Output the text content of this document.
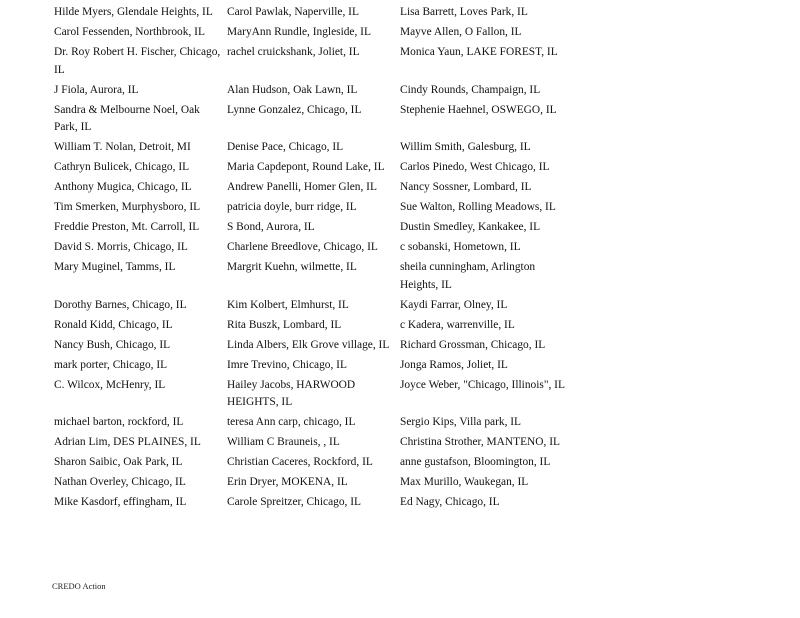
Hilde Myers, Glendale Heights, IL	Carol Pawlak, Naperville, IL	Lisa Barrett, Loves Park, IL
Carol Fessenden, Northbrook, IL	MaryAnn Rundle, Ingleside, IL	Mayve Allen, O Fallon, IL
Dr. Roy Robert H. Fischer, Chicago, IL	rachel cruickshank, Joliet, IL	Monica Yaun, LAKE FOREST, IL
J Fiola, Aurora, IL	Alan Hudson, Oak Lawn, IL	Cindy Rounds, Champaign, IL
Sandra & Melbourne Noel, Oak Park, IL	Lynne Gonzalez, Chicago, IL	Stephenie Haehnel, OSWEGO, IL
William T. Nolan, Detroit, MI	Denise Pace, Chicago, IL	Willim Smith, Galesburg, IL
Cathryn Bulicek, Chicago, IL	Maria Capdepont, Round Lake, IL	Carlos Pinedo, West Chicago, IL
Anthony Mugica, Chicago, IL	Andrew Panelli, Homer Glen, IL	Nancy Sossner, Lombard, IL
Tim Smerken, Murphysboro, IL	patricia doyle, burr ridge, IL	Sue Walton, Rolling Meadows, IL
Freddie Preston, Mt. Carroll, IL	S Bond, Aurora, IL	Dustin Smedley, Kankakee, IL
David S. Morris, Chicago, IL	Charlene Breedlove, Chicago, IL	c sobanski, Hometown, IL
Mary Muginel, Tamms, IL	Margrit Kuehn, wilmette, IL	sheila cunningham, Arlington Heights, IL
Dorothy Barnes, Chicago, IL	Kim Kolbert, Elmhurst, IL	Kaydi Farrar, Olney, IL
Ronald Kidd, Chicago, IL	Rita Buszk, Lombard, IL	c Kadera, warrenville, IL
Nancy Bush, Chicago, IL	Linda Albers, Elk Grove village, IL	Richard Grossman, Chicago, IL
mark porter, Chicago, IL	Imre Trevino, Chicago, IL	Jonga Ramos, Joliet, IL
C. Wilcox, McHenry, IL	Hailey Jacobs, HARWOOD HEIGHTS, IL	Joyce Weber, "Chicago, Illinois", IL
michael barton, rockford, IL	teresa Ann carp, chicago, IL	Sergio Kips, Villa park, IL
Adrian Lim, DES PLAINES, IL	William C Brauneis, , IL	Christina Strother, MANTENO, IL
Sharon Saibic, Oak Park, IL	Christian Caceres, Rockford, IL	anne gustafson, Bloomington, IL
Nathan Overley, Chicago, IL	Erin Dryer, MOKENA, IL	Max Murillo, Waukegan, IL
Mike Kasdorf, effingham, IL	Carole Spreitzer, Chicago, IL	Ed Nagy, Chicago, IL
CREDO Action
